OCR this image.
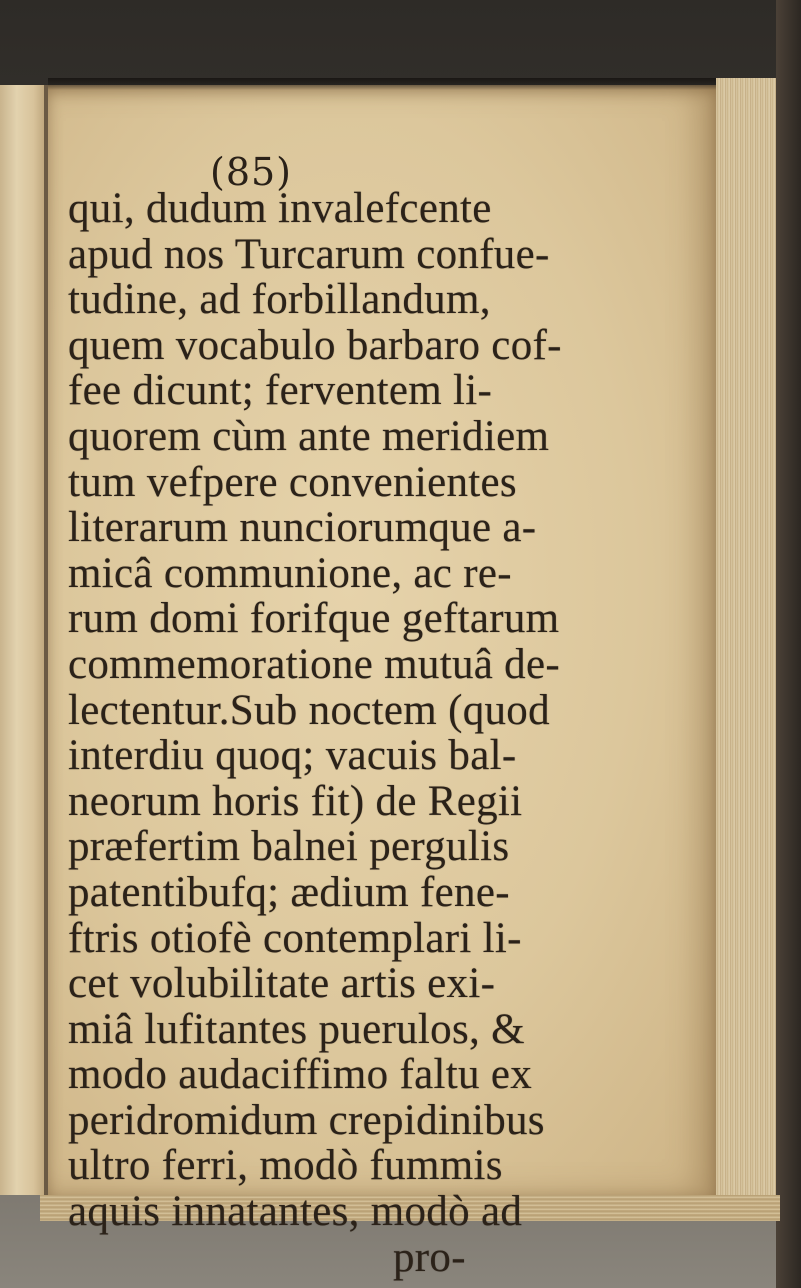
(85)
qui, dudum invalefcente
apud nos Turcarum confue-
tudine, ad forbillandum,
quem vocabulo barbaro cof-
fee dicunt; ferventem li-
quorem cùm ante meridiem
tum vefpere convenientes
literarum nunciorumque a-
micâ communione, ac re-
rum domi forifque geftarum
commemoratione mutuâ de-
lectentur.Sub noctem (quod
interdiu quoq; vacuis bal-
neorum horis fit) de Regii
præfertim balnei pergulis
patentibufq; ædium fene-
ftris otiofè contemplari li-
cet volubilitate artis exi-
miâ lufitantes puerulos, &
modo audaciffimo faltu ex
peridromidum crepidinibus
ultro ferri, modò fummis
aquis innatantes, modò ad
pro-
